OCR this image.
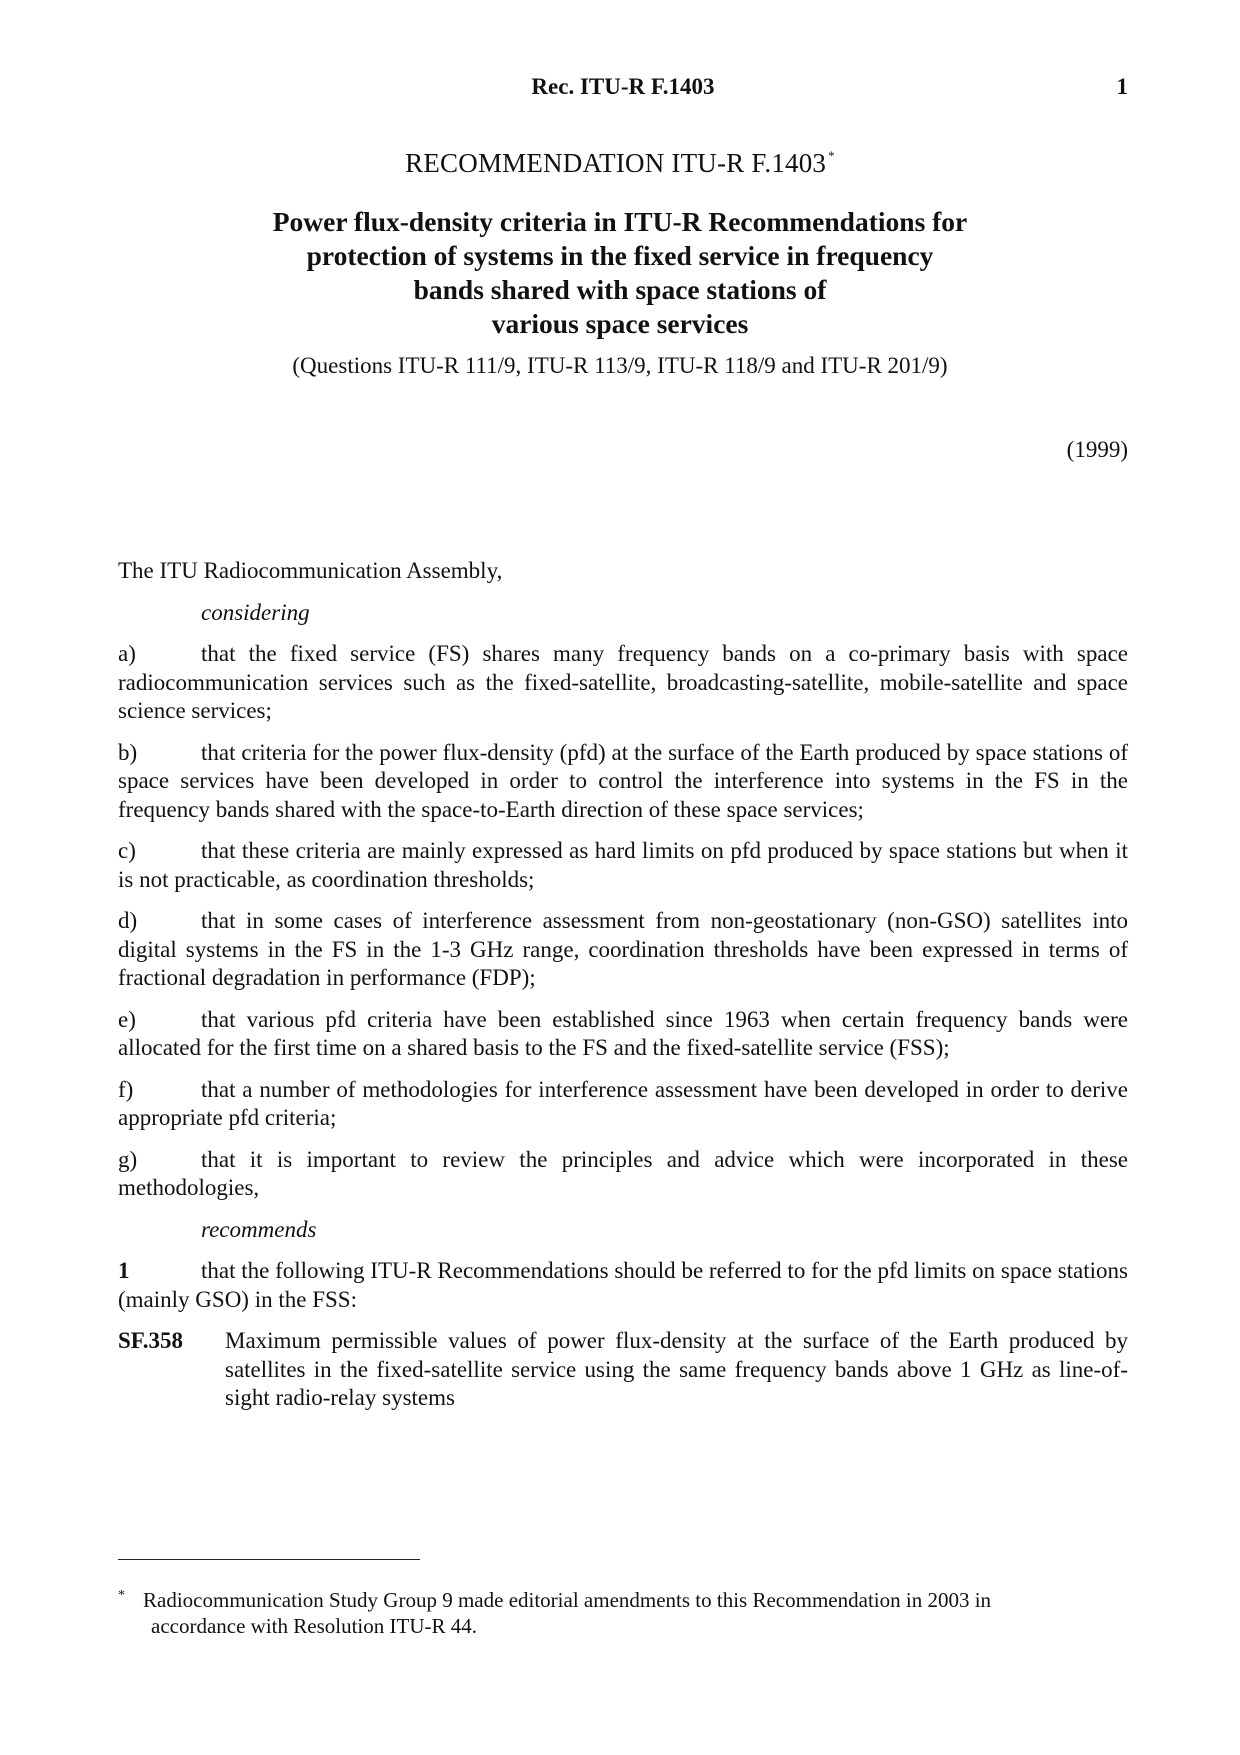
Rec. ITU-R F.1403	1
RECOMMENDATION ITU-R F.1403 *
Power flux-density criteria in ITU-R Recommendations for
protection of systems in the fixed service in frequency
bands shared with space stations of
various space services
(Questions ITU-R 111/9, ITU-R 113/9, ITU-R 118/9 and ITU-R 201/9)
(1999)

The ITU Radiocommunication Assembly,

considering

a)	that the fixed service (FS) shares many frequency bands on a co-primary basis with space radiocommunication services such as the fixed-satellite, broadcasting-satellite, mobile-satellite and space science services;

b)	that criteria for the power flux-density (pfd) at the surface of the Earth produced by space stations of space services have been developed in order to control the interference into systems in the FS in the frequency bands shared with the space-to-Earth direction of these space services;

c)	that these criteria are mainly expressed as hard limits on pfd produced by space stations but when it is not practicable, as coordination thresholds;

d)	that in some cases of interference assessment from non-geostationary (non-GSO) satellites into digital systems in the FS in the 1-3 GHz range, coordination thresholds have been expressed in terms of fractional degradation in performance (FDP);

e)	that various pfd criteria have been established since 1963 when certain frequency bands were allocated for the first time on a shared basis to the FS and the fixed-satellite service (FSS);

f)	that a number of methodologies for interference assessment have been developed in order to derive appropriate pfd criteria;

g)	that it is important to review the principles and advice which were incorporated in these methodologies,

recommends

1	that the following ITU-R Recommendations should be referred to for the pfd limits on space stations (mainly GSO) in the FSS:

SF.358	Maximum permissible values of power flux-density at the surface of the Earth produced by satellites in the fixed-satellite service using the same frequency bands above 1 GHz as line-of-sight radio-relay systems
* Radiocommunication Study Group 9 made editorial amendments to this Recommendation in 2003 in
accordance with Resolution ITU-R 44.
